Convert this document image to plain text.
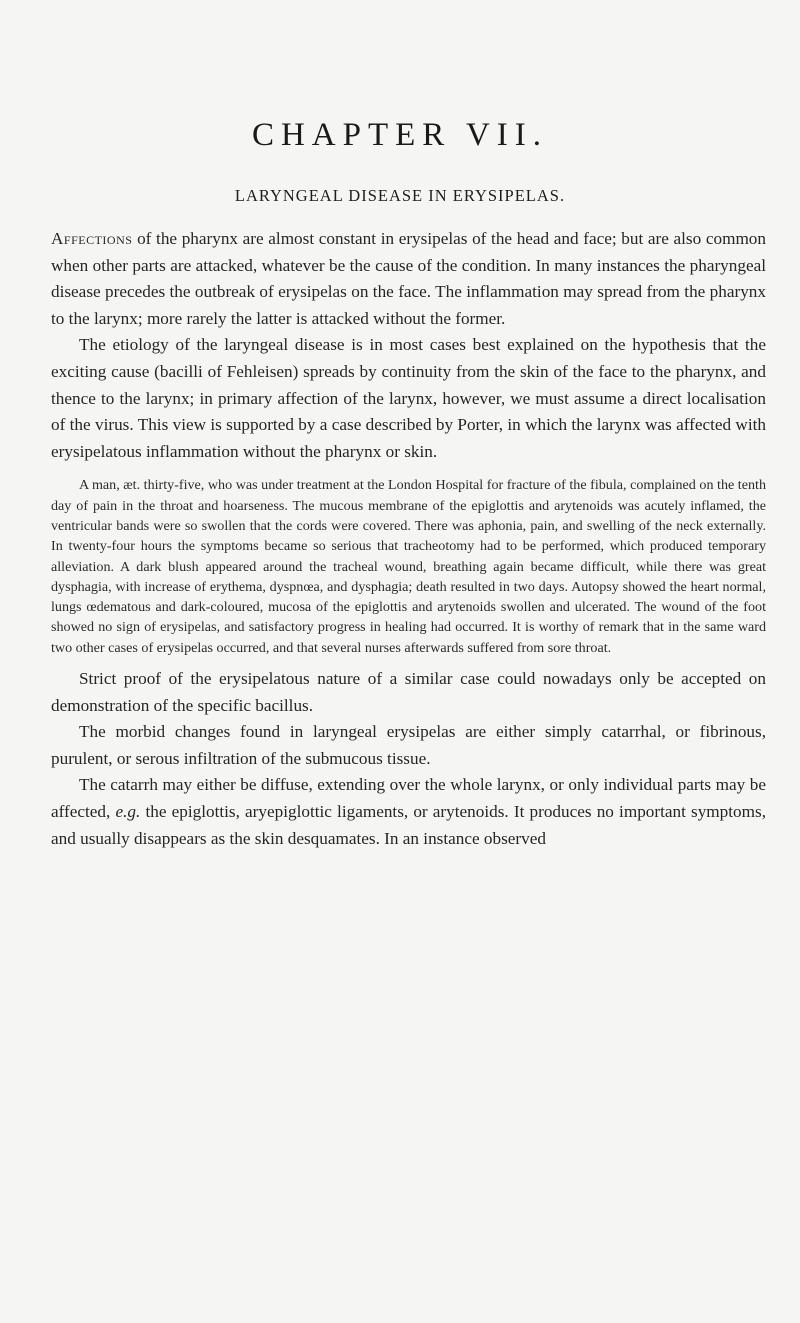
CHAPTER VII.
LARYNGEAL DISEASE IN ERYSIPELAS.

Affections of the pharynx are almost constant in erysipelas of the head and face; but are also common when other parts are attacked, whatever be the cause of the condition. In many instances the pharyngeal disease precedes the outbreak of erysipelas on the face. The inflammation may spread from the pharynx to the larynx; more rarely the latter is attacked without the former.

The etiology of the laryngeal disease is in most cases best explained on the hypothesis that the exciting cause (bacilli of Fehleisen) spreads by continuity from the skin of the face to the pharynx, and thence to the larynx; in primary affection of the larynx, however, we must assume a direct localisation of the virus. This view is supported by a case described by Porter, in which the larynx was affected with erysipelatous inflammation without the pharynx or skin.

A man, æt. thirty-five, who was under treatment at the London Hospital for fracture of the fibula, complained on the tenth day of pain in the throat and hoarseness. The mucous membrane of the epiglottis and arytenoids was acutely inflamed, the ventricular bands were so swollen that the cords were covered. There was aphonia, pain, and swelling of the neck externally. In twenty-four hours the symptoms became so serious that tracheotomy had to be performed, which produced temporary alleviation. A dark blush appeared around the tracheal wound, breathing again became difficult, while there was great dysphagia, with increase of erythema, dyspnœa, and dysphagia; death resulted in two days. Autopsy showed the heart normal, lungs œdematous and dark-coloured, mucosa of the epiglottis and arytenoids swollen and ulcerated. The wound of the foot showed no sign of erysipelas, and satisfactory progress in healing had occurred. It is worthy of remark that in the same ward two other cases of erysipelas occurred, and that several nurses afterwards suffered from sore throat.

Strict proof of the erysipelatous nature of a similar case could nowadays only be accepted on demonstration of the specific bacillus.

The morbid changes found in laryngeal erysipelas are either simply catarrhal, or fibrinous, purulent, or serous infiltration of the submucous tissue.

The catarrh may either be diffuse, extending over the whole larynx, or only individual parts may be affected, e.g. the epiglottis, aryepiglottic ligaments, or arytenoids. It produces no important symptoms, and usually disappears as the skin desquamates. In an instance observed
